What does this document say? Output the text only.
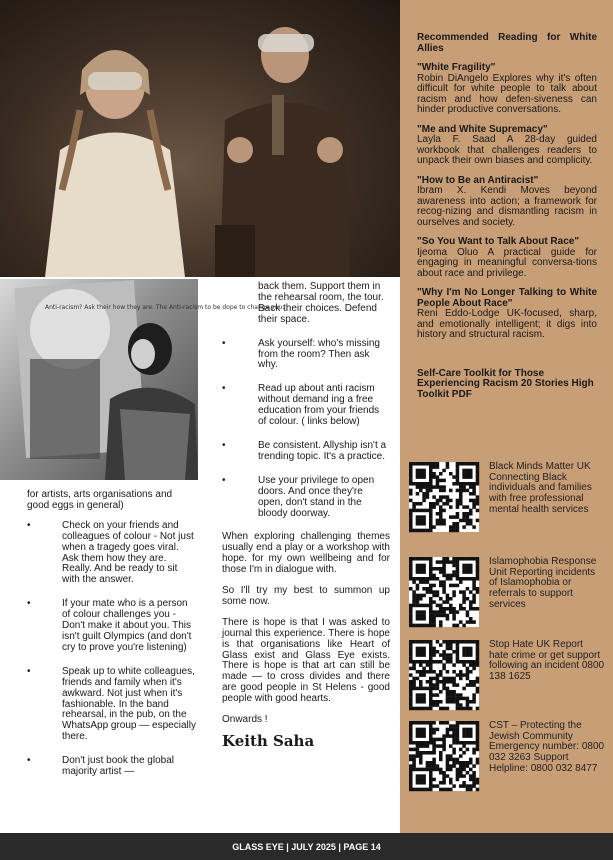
Anti-racism? Ask their how they are. The Anti-racism to be dope to change you...
for artists, arts organisations and good eggs in general)
• Check on your friends and colleagues of colour - Not just when a tragedy goes viral. Ask them how they are. Really. And be ready to sit with the answer.
• If your mate who is a person of colour challenges you - Don't make it about you. This isn't guilt Olympics (and don't cry to prove you're listening)
• Speak up to white colleagues, friends and family when it's awkward. Not just when it's fashionable. In the band rehearsal, in the pub, on the WhatsApp group — especially there.
• Don't just book the global majority artist —
back them. Support them in the rehearsal room, the tour. Back their choices. Defend their space.
• Ask yourself: who's missing from the room? Then ask why.
• Read up about anti racism without demand ing a free education from your friends of colour. ( links below)
• Be consistent. Allyship isn't a trending topic. It's a practice.
• Use your privilege to open doors. And once they're open, don't stand in the bloody doorway.

When exploring challenging themes usually end a play or a workshop with hope. for my own wellbeing and for those I'm in dialogue with.

So I'll try my best to summon up some now.

There is hope is that I was asked to journal this experience. There is hope is that organisations like Heart of Glass exist and Glass Eye exists. There is hope is that art can still be made — to cross divides and there are good people in St Helens - good people with good hearts.

Onwards !

Keith Saha
Recommended Reading for White Allies
"White Fragility"
Robin DiAngelo Explores why it's often difficult for white people to talk about racism and how defen-siveness can hinder productive conversations.
"Me and White Supremacy"
Layla F. Saad A 28-day guided workbook that challenges readers to unpack their own biases and complicity.
"How to Be an Antiracist"
Ibram X. Kendi Moves beyond awareness into action; a framework for recog-nizing and dismantling racism in ourselves and society.
"So You Want to Talk About Race"
Ijeoma Oluo A practical guide for engaging in meaningful conversa-tions about race and privilege.
"Why I'm No Longer Talking to White People About Race"
Reni Eddo-Lodge UK-focused, sharp, and emotionally intelligent; it digs into history and structural racism.
Self-Care Toolkit for Those Experiencing Racism 20 Stories High Toolkit PDF
Black Minds Matter UK Connecting Black individuals and families with free professional mental health services
Islamophobia Response Unit Reporting incidents of Islamophobia or referrals to support services
Stop Hate UK Report hate crime or get support following an incident 0800 138 1625
CST – Protecting the Jewish Community Emergency number: 0800 032 3263 Support Helpline: 0800 032 8477
GLASS EYE | JULY 2025 | PAGE 14
